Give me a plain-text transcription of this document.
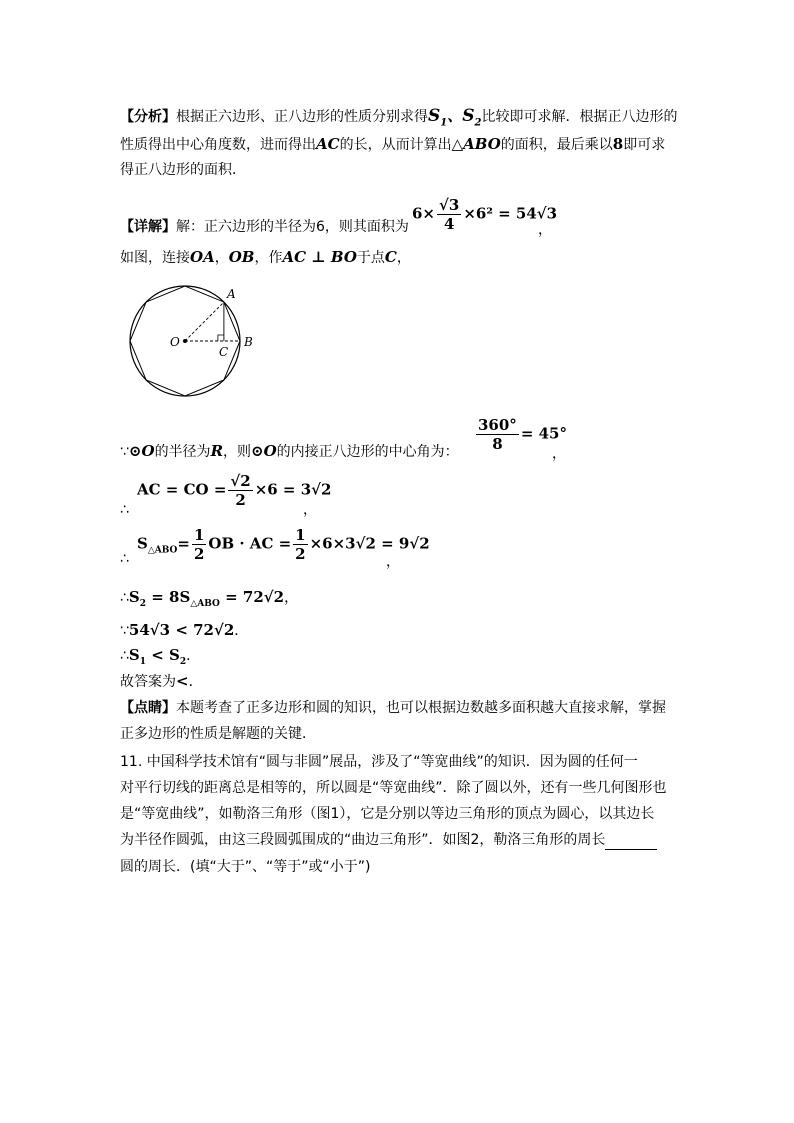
【分析】根据正六边形、正八边形的性质分别求得$S_1$、$S_2$比较即可求解．根据正八边形的
性质得出中心角度数，进而得出AC的长，从而计算出△ABO的面积，最后乘以8即可求
得正八边形的面积．
【详解】解：正六边形的半径为6，则其面积为
$6\times \frac{√3}{4} \times 6^2 = 54√3$
，
如图，连接OA，OB，作AC ⊥ BO于点C，
O
A
B
C
∵⊙O的半径为R，则⊙O的内接正八边形的中心角为： $\frac{360^\circ}{8} = 45^\circ$
，
∴
AC = CO = $\frac{√2}{2} \times 6 = 3√2$
，
∴
$S_{\triangle ABO}= \frac{1}{2}$ OB · AC = $\frac{1}{2} \times 6\times 3√2 = 9√2$
，
$\therefore S_2 = 8S_{\triangle ABO} = 72√2$，
∵54√3 < 72√2．
$\therefore S_1 < S_2$．
故答案为<．
【点睛】本题考查了正多边形和圆的知识，也可以根据边数越多面积越大直接求解，掌握
正多边形的性质是解题的关键．
11. 中国科学技术馆有“圆与非圆”展品，涉及了“等宽曲线”的知识．因为圆的任何一
对平行切线的距离总是相等的，所以圆是“等宽曲线”．除了圆以外，还有一些几何图形也
是“等宽曲线”，如勒洛三角形（图1），它是分别以等边三角形的顶点为圆心，以其边长
为半径作圆弧，由这三段圆弧围成的“曲边三角形”．如图2，勒洛三角形的周长
圆的周长．(填“大于”、“等于”或“小于”)
